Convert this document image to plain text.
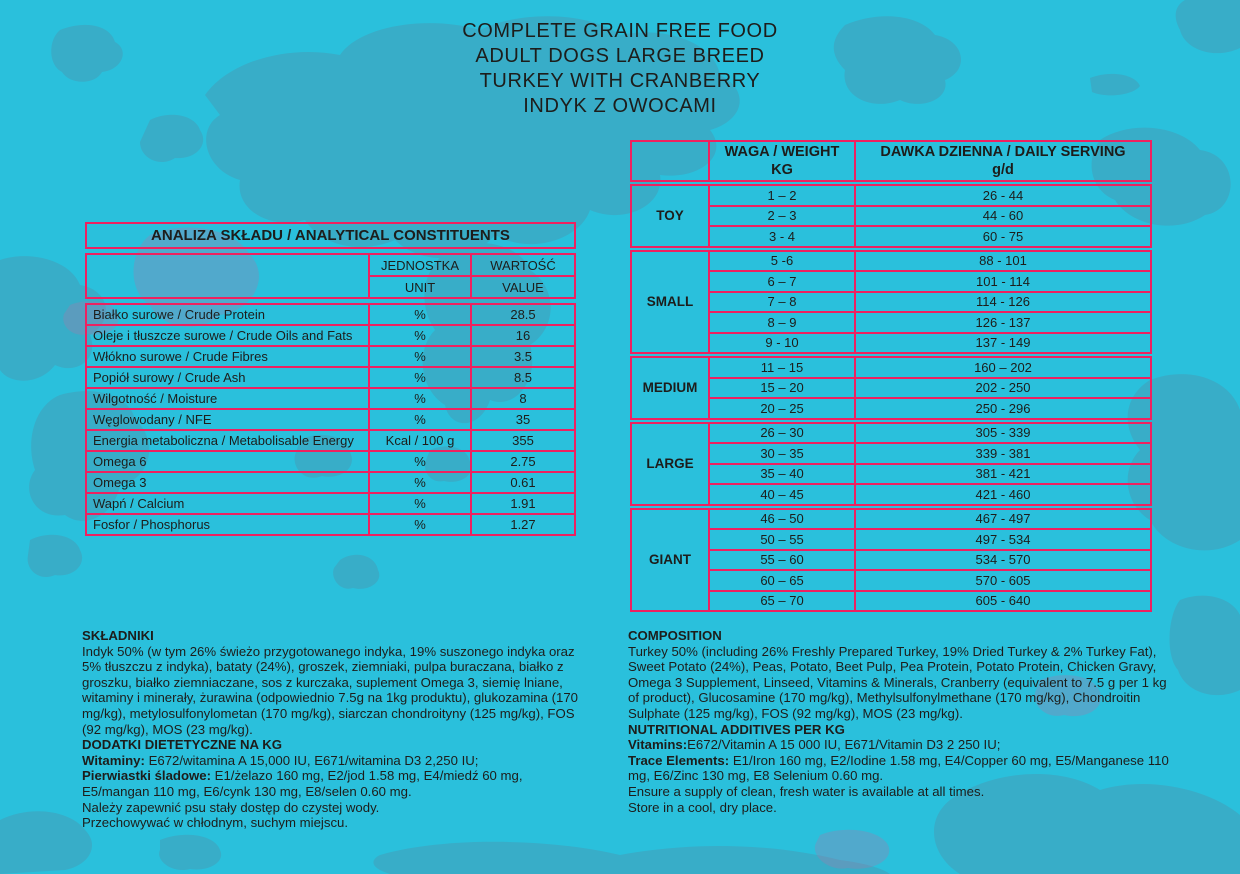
COMPLETE GRAIN FREE FOOD
ADULT DOGS LARGE BREED
TURKEY WITH CRANBERRY
INDYK Z OWOCAMI
ANALIZA SKŁADU / ANALYTICAL CONSTITUENTS
JEDNOSTKA	WARTOŚĆ
UNIT	VALUE
Białko surowe / Crude Protein	%	28.5
Oleje i tłuszcze surowe / Crude Oils and Fats	%	16
Włókno surowe / Crude Fibres	%	3.5
Popiół surowy / Crude Ash	%	8.5
Wilgotność / Moisture	%	8
Węglowodany / NFE	%	35
Energia metaboliczna / Metabolisable Energy	Kcal / 100 g	355
Omega 6	%	2.75
Omega 3	%	0.61
Wapń / Calcium	%	1.91
Fosfor / Phosphorus	%	1.27
WAGA / WEIGHT
KG
DAWKA DZIENNA / DAILY SERVING
g/d
TOY
1 – 2	26 - 44
2 – 3	44 - 60
3 - 4	60 - 75
SMALL
5 -6	88 - 101
6 – 7	101 - 114
7 – 8	114 - 126
8 – 9	126 - 137
9 - 10	137 - 149
MEDIUM
11 – 15	160 – 202
15 – 20	202 - 250
20 – 25	250 - 296
LARGE
26 – 30	305 - 339
30 – 35	339 - 381
35 – 40	381 - 421
40 – 45	421 - 460
GIANT
46 – 50	467 - 497
50 – 55	497 - 534
55 – 60	534 - 570
60 – 65	570 - 605
65 – 70	605 - 640
SKŁADNIKI

Indyk 50% (w tym 26% świeżo przygotowanego indyka, 19% suszonego indyka oraz 5% tłuszczu z indyka), bataty (24%), groszek, ziemniaki, pulpa buraczana, białko z groszku, białko ziemniaczane, sos z kurczaka, suplement Omega 3, siemię lniane, witaminy i minerały, żurawina (odpowiednio 7.5g na 1kg produktu), glukozamina (170 mg/kg), metylosulfonylometan (170 mg/kg), siarczan chondroityny (125 mg/kg), FOS (92 mg/kg), MOS (23 mg/kg).

DODATKI DIETETYCZNE NA KG

Witaminy: E672/witamina A 15,000 IU, E671/witamina D3 2,250 IU;

Pierwiastki śladowe: E1/żelazo 160 mg, E2/jod 1.58 mg, E4/miedź 60 mg, E5/mangan 110 mg, E6/cynk 130 mg, E8/selen 0.60 mg.

Należy zapewnić psu stały dostęp do czystej wody.

Przechowywać w chłodnym, suchym miejscu.

COMPOSITION

Turkey 50% (including 26% Freshly Prepared Turkey, 19% Dried Turkey & 2% Turkey Fat), Sweet Potato (24%), Peas, Potato, Beet Pulp, Pea Protein, Potato Protein, Chicken Gravy, Omega 3 Supplement, Linseed, Vitamins & Minerals, Cranberry (equivalent to 7.5 g per 1 kg of product), Glucosamine (170 mg/kg), Methylsulfonylmethane (170 mg/kg), Chondroitin Sulphate (125 mg/kg), FOS (92 mg/kg), MOS (23 mg/kg).

NUTRITIONAL ADDITIVES PER KG

Vitamins:E672/Vitamin A 15 000 IU, E671/Vitamin D3 2 250 IU;

Trace Elements: E1/Iron 160 mg, E2/Iodine 1.58 mg, E4/Copper 60 mg, E5/Manganese 110 mg, E6/Zinc 130 mg, E8 Selenium 0.60 mg.

Ensure a supply of clean, fresh water is available at all times.

Store in a cool, dry place.
